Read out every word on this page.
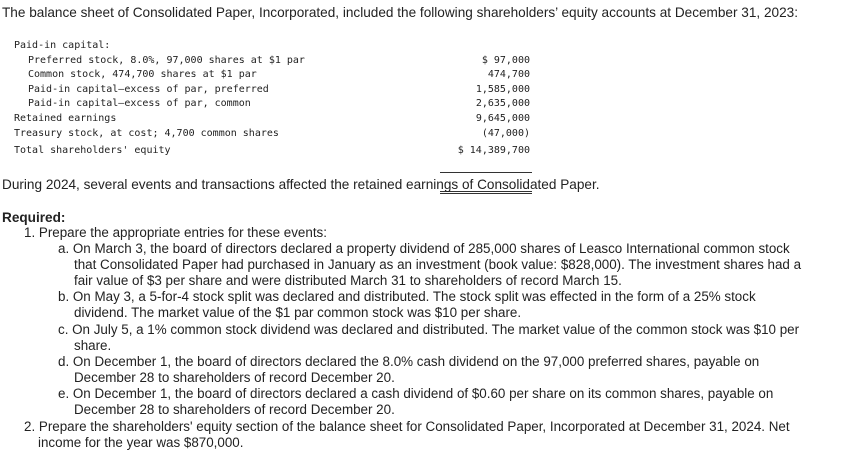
The balance sheet of Consolidated Paper, Incorporated, included the following shareholders’ equity accounts at December 31, 2023:
Paid-in capital:
Preferred stock, 8.0%, 97,000 shares at $1 par	$ 97,000
Common stock, 474,700 shares at $1 par	474,700
Paid-in capital—excess of par, preferred	1,585,000
Paid-in capital—excess of par, common	2,635,000
Retained earnings	9,645,000
Treasury stock, at cost; 4,700 common shares	(47,000)
Total shareholders' equity	$ 14,389,700
During 2024, several events and transactions affected the retained earnings of Consolidated Paper.
Required:
1. Prepare the appropriate entries for these events:
a. On March 3, the board of directors declared a property dividend of 285,000 shares of Leasco International common stock
that Consolidated Paper had purchased in January as an investment (book value: $828,000). The investment shares had a
fair value of $3 per share and were distributed March 31 to shareholders of record March 15.
b. On May 3, a 5-for-4 stock split was declared and distributed. The stock split was effected in the form of a 25% stock
dividend. The market value of the $1 par common stock was $10 per share.
c. On July 5, a 1% common stock dividend was declared and distributed. The market value of the common stock was $10 per
share.
d. On December 1, the board of directors declared the 8.0% cash dividend on the 97,000 preferred shares, payable on
December 28 to shareholders of record December 20.
e. On December 1, the board of directors declared a cash dividend of $0.60 per share on its common shares, payable on
December 28 to shareholders of record December 20.
2. Prepare the shareholders' equity section of the balance sheet for Consolidated Paper, Incorporated at December 31, 2024. Net
income for the year was $870,000.
